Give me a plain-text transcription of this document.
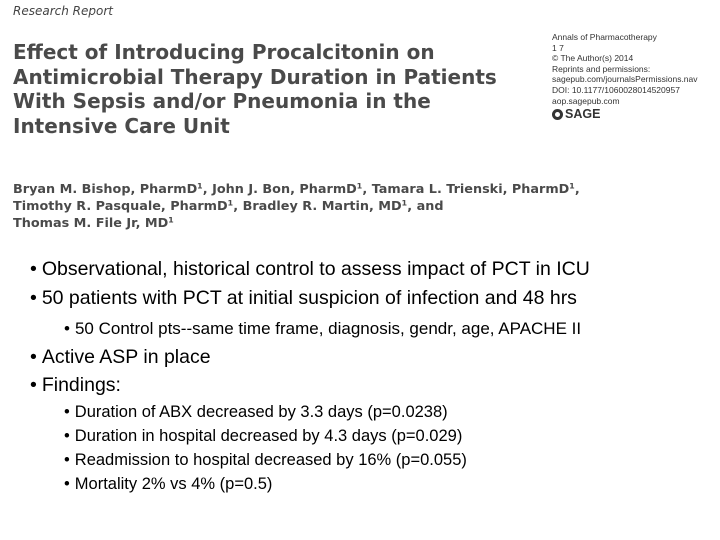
Research Report
Effect of Introducing Procalcitonin on
Antimicrobial Therapy Duration in Patients
With Sepsis and/or Pneumonia in the
Intensive Care Unit
Annals of Pharmacotherapy
1 7
© The Author(s) 2014
Reprints and permissions:
sagepub.com/journalsPermissions.nav
DOI: 10.1177/1060028014520957
aop.sagepub.com
SAGE
Bryan M. Bishop, PharmD¹, John J. Bon, PharmD¹, Tamara L. Trienski, PharmD¹,
Timothy R. Pasquale, PharmD¹, Bradley R. Martin, MD¹, and
Thomas M. File Jr, MD¹
• Observational, historical control to assess impact of PCT in ICU
• 50 patients with PCT at initial suspicion of infection and 48 hrs
• 50 Control pts--same time frame, diagnosis, gendr, age, APACHE II
• Active ASP in place
• Findings:
• Duration of ABX decreased by 3.3 days (p=0.0238)
• Duration in hospital decreased by 4.3 days (p=0.029)
• Readmission to hospital decreased by 16% (p=0.055)
• Mortality 2% vs 4% (p=0.5)
